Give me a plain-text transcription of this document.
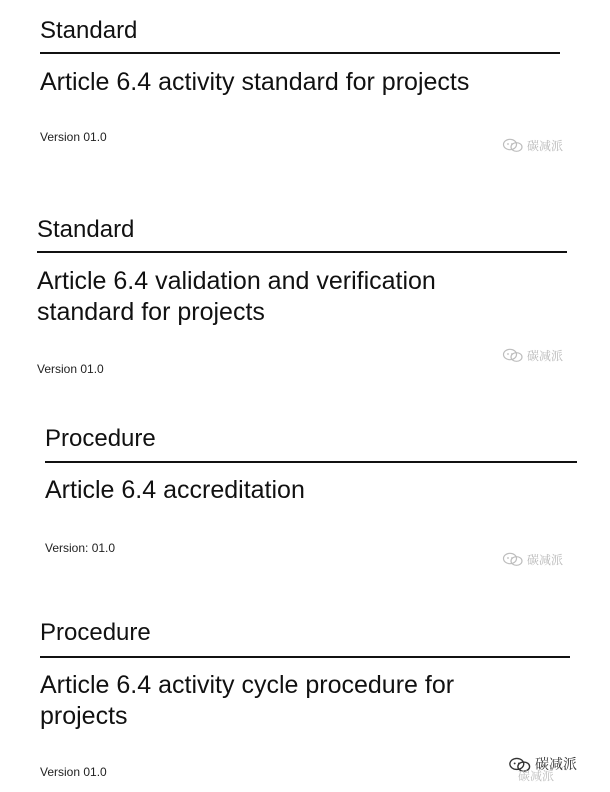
Standard
Article 6.4 activity standard for projects
Version 01.0
碳减派
Standard
Article 6.4 validation and verification standard for projects
Version 01.0
碳减派
Procedure
Article 6.4 accreditation
Version: 01.0
碳减派
Procedure
Article 6.4 activity cycle procedure for projects
Version 01.0	碳减派
碳减派
